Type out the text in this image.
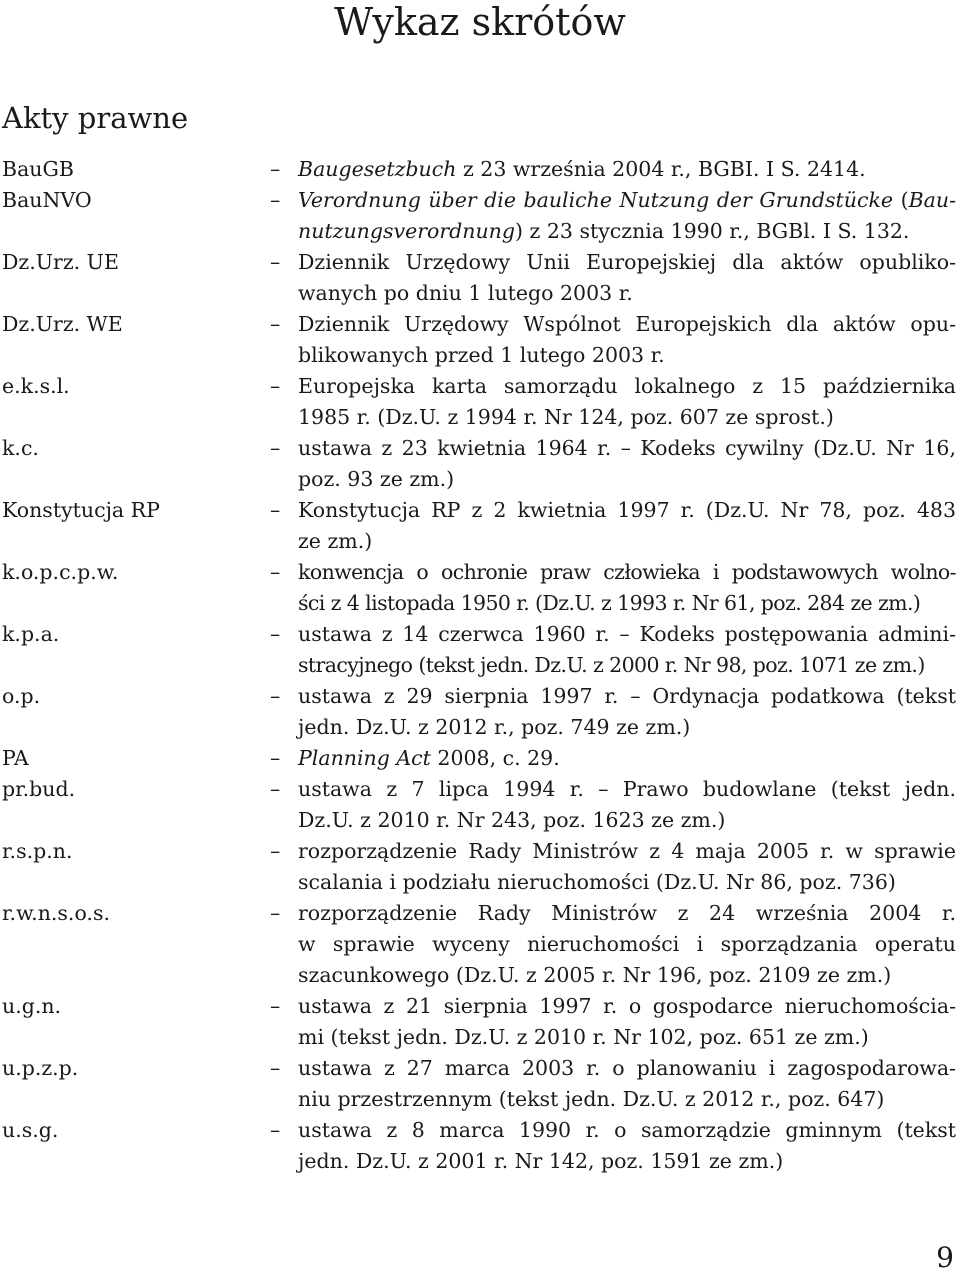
Wykaz skrótów
Akty prawne
BauGB	– Baugesetzbuch z 23 września 2004 r., BGBI. I S. 2414.
BauNVO	– Verordnung über die bauliche Nutzung der Grundstücke (Bau-
nutzungsverordnung) z 23 stycznia 1990 r., BGBl. I S. 132.
Dz.Urz. UE	– Dziennik Urzędowy Unii Europejskiej dla aktów opubliko-
wanych po dniu 1 lutego 2003 r.
Dz.Urz. WE	– Dziennik Urzędowy Wspólnot Europejskich dla aktów opu-
blikowanych przed 1 lutego 2003 r.
e.k.s.l.	– Europejska karta samorządu lokalnego z 15 października
1985 r. (Dz.U. z 1994 r. Nr 124, poz. 607 ze sprost.)
k.c.	– ustawa z 23 kwietnia 1964 r. – Kodeks cywilny (Dz.U. Nr 16,
poz. 93 ze zm.)
Konstytucja RP	– Konstytucja RP z 2 kwietnia 1997 r. (Dz.U. Nr 78, poz. 483
ze zm.)
k.o.p.c.p.w.	– konwencja o ochronie praw człowieka i podstawowych wolno-
ści z 4 listopada 1950 r. (Dz.U. z 1993 r. Nr 61, poz. 284 ze zm.)
k.p.a.	– ustawa z 14 czerwca 1960 r. – Kodeks postępowania admini-
stracyjnego (tekst jedn. Dz.U. z 2000 r. Nr 98, poz. 1071 ze zm.)
o.p.	– ustawa z 29 sierpnia 1997 r. – Ordynacja podatkowa (tekst
jedn. Dz.U. z 2012 r., poz. 749 ze zm.)
PA	– Planning Act 2008, c. 29.
pr.bud.	– ustawa z 7 lipca 1994 r. – Prawo budowlane (tekst jedn.
Dz.U. z 2010 r. Nr 243, poz. 1623 ze zm.)
r.s.p.n.	– rozporządzenie Rady Ministrów z 4 maja 2005 r. w sprawie
scalania i podziału nieruchomości (Dz.U. Nr 86, poz. 736)
r.w.n.s.o.s.	– rozporządzenie Rady Ministrów z 24 września 2004 r.
w sprawie wyceny nieruchomości i sporządzania operatu
szacunkowego (Dz.U. z 2005 r. Nr 196, poz. 2109 ze zm.)
u.g.n.	– ustawa z 21 sierpnia 1997 r. o gospodarce nieruchomościa-
mi (tekst jedn. Dz.U. z 2010 r. Nr 102, poz. 651 ze zm.)
u.p.z.p.	– ustawa z 27 marca 2003 r. o planowaniu i zagospodarowa-
niu przestrzennym (tekst jedn. Dz.U. z 2012 r., poz. 647)
u.s.g.	– ustawa z 8 marca 1990 r. o samorządzie gminnym (tekst
jedn. Dz.U. z 2001 r. Nr 142, poz. 1591 ze zm.)
9
